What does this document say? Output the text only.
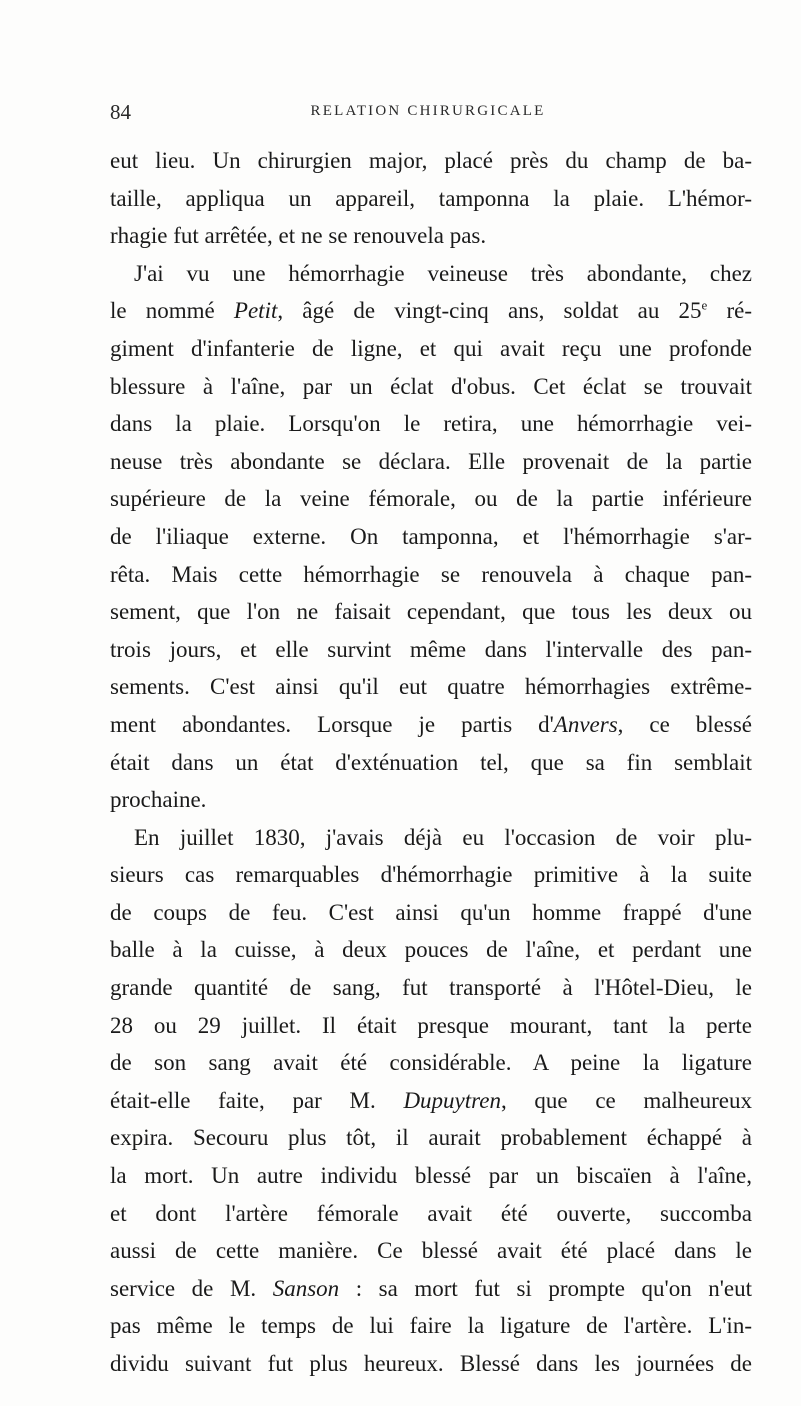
84	RELATION CHIRURGICALE
eut lieu. Un chirurgien major, placé près du champ de ba-
taille, appliqua un appareil, tamponna la plaie. L'hémor-
rhagie fut arrêtée, et ne se renouvela pas.
J'ai vu une hémorrhagie veineuse très abondante, chez
le nommé Petit, âgé de vingt-cinq ans, soldat au 25e ré-
giment d'infanterie de ligne, et qui avait reçu une profonde
blessure à l'aîne, par un éclat d'obus. Cet éclat se trouvait
dans la plaie. Lorsqu'on le retira, une hémorrhagie vei-
neuse très abondante se déclara. Elle provenait de la partie
supérieure de la veine fémorale, ou de la partie inférieure
de l'iliaque externe. On tamponna, et l'hémorrhagie s'ar-
rêta. Mais cette hémorrhagie se renouvela à chaque pan-
sement, que l'on ne faisait cependant, que tous les deux ou
trois jours, et elle survint même dans l'intervalle des pan-
sements. C'est ainsi qu'il eut quatre hémorrhagies extrême-
ment abondantes. Lorsque je partis d'Anvers, ce blessé
était dans un état d'exténuation tel, que sa fin semblait
prochaine.
En juillet 1830, j'avais déjà eu l'occasion de voir plu-
sieurs cas remarquables d'hémorrhagie primitive à la suite
de coups de feu. C'est ainsi qu'un homme frappé d'une
balle à la cuisse, à deux pouces de l'aîne, et perdant une
grande quantité de sang, fut transporté à l'Hôtel-Dieu, le
28 ou 29 juillet. Il était presque mourant, tant la perte
de son sang avait été considérable. A peine la ligature
était-elle faite, par M. Dupuytren, que ce malheureux
expira. Secouru plus tôt, il aurait probablement échappé à
la mort. Un autre individu blessé par un biscaïen à l'aîne,
et dont l'artère fémorale avait été ouverte, succomba
aussi de cette manière. Ce blessé avait été placé dans le
service de M. Sanson : sa mort fut si prompte qu'on n'eut
pas même le temps de lui faire la ligature de l'artère. L'in-
dividu suivant fut plus heureux. Blessé dans les journées de
